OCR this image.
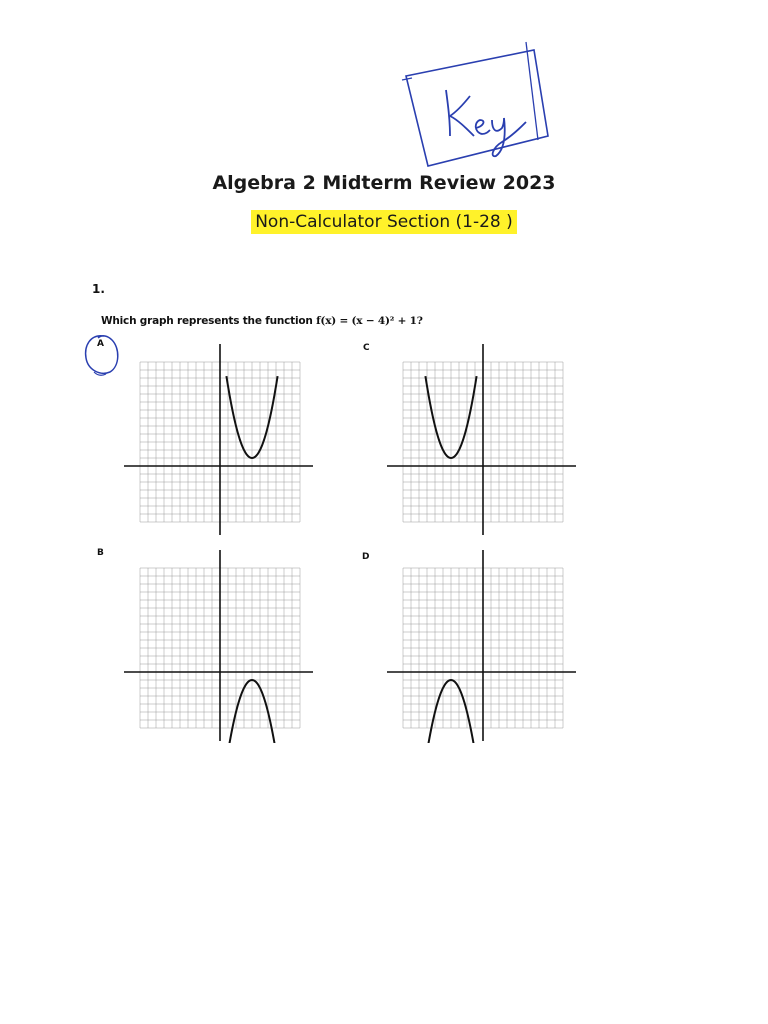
Algebra 2 Midterm Review 2023
Non-Calculator Section (1-28 )
1.
Which graph represents the function f(x) = (x − 4)² + 1?
A	C
B	D
